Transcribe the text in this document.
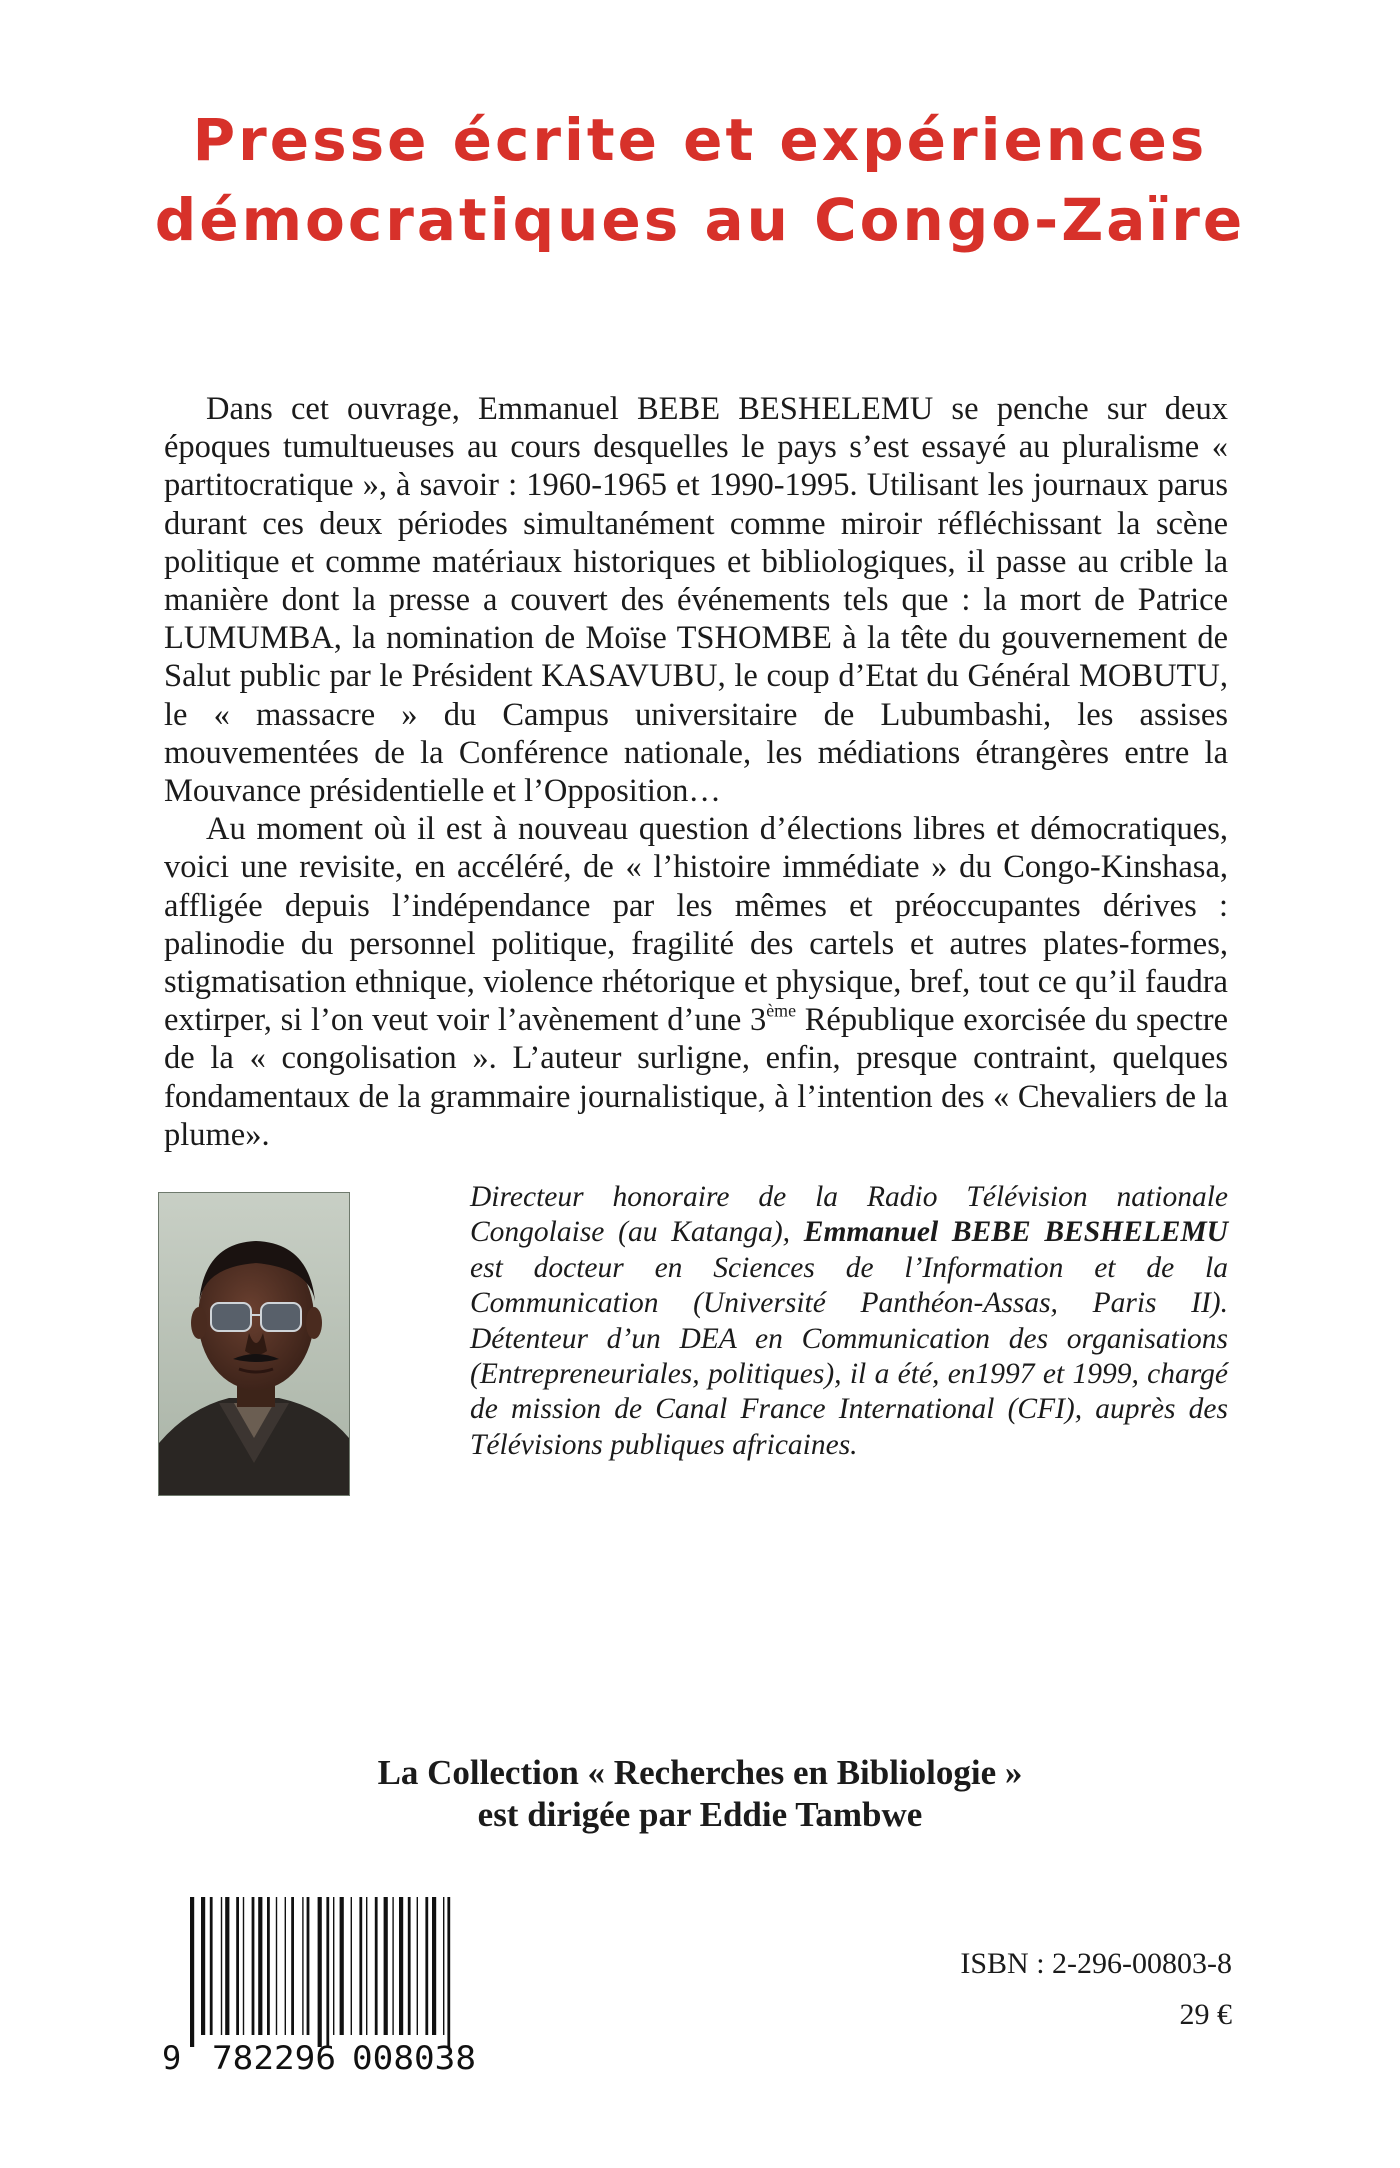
Presse écrite et expériences
démocratiques au Congo-Zaïre

Dans cet ouvrage, Emmanuel BEBE BESHELEMU se penche sur deux époques tumultueuses au cours desquelles le pays s’est essayé au pluralisme « partitocratique », à savoir : 1960-1965 et 1990-1995. Utilisant les journaux parus durant ces deux périodes simultanément comme miroir réfléchissant la scène politique et comme matériaux historiques et bibliologiques, il passe au crible la manière dont la presse a couvert des événements tels que : la mort de Patrice LUMUMBA, la nomination de Moïse TSHOMBE à la tête du gouvernement de Salut public par le Président KASAVUBU, le coup d’Etat du Général MOBUTU, le « massacre » du Campus universitaire de Lubumbashi, les assises mouvementées de la Conférence nationale, les médiations étrangères entre la Mouvance présidentielle et l’Opposition…

Au moment où il est à nouveau question d’élections libres et démocratiques, voici une revisite, en accéléré, de « l’histoire immédiate » du Congo-Kinshasa, affligée depuis l’indépendance par les mêmes et préoccupantes dérives : palinodie du personnel politique, fragilité des cartels et autres plates-formes, stigmatisation ethnique, violence rhétorique et physique, bref, tout ce qu’il faudra extirper, si l’on veut voir l’avènement d’une 3ème République exorcisée du spectre de la « congolisation ». L’auteur surligne, enfin, presque contraint, quelques fondamentaux de la grammaire journalistique, à l’intention des « Chevaliers de la plume».

Directeur honoraire de la Radio Télévision nationale Congolaise (au Katanga), Emmanuel BEBE BESHELEMU est docteur en Sciences de l’Information et de la Communication (Université Panthéon-Assas, Paris II). Détenteur d’un DEA en Communication des organisations (Entrepreneuriales, politiques), il a été, en1997 et 1999, chargé de mission de Canal France International (CFI), auprès des Télévisions publiques africaines.

La Collection « Recherches en Bibliologie »
est dirigée par Eddie Tambwe
9 782296 008038
ISBN : 2-296-00803-8
29 €
